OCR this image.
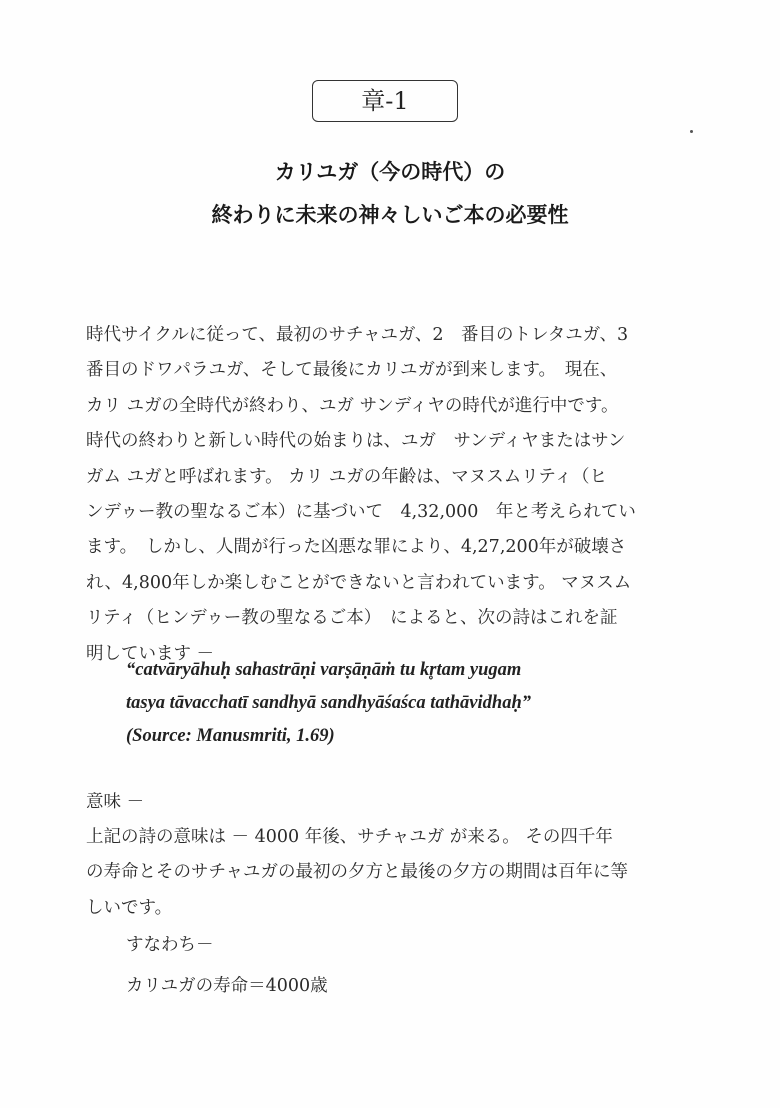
章-1
カリユガ（今の時代）の
終わりに未来の神々しいご本の必要性
時代サイクルに従って、最初のサチャユガ、2　番目のトレタユガ、3
番目のドワパラユガ、そして最後にカリユガが到来します。　現在、
カリ ユガの全時代が終わり、ユガ サンディヤの時代が進行中です。
時代の終わりと新しい時代の始まりは、ユガ　サンディヤまたはサン
ガム ユガと呼ばれます。 カリ ユガの年齢は、マヌスムリティ（ヒ
ンデゥー教の聖なるご本）に基づいて　4,32,000　年と考えられてい
ます。　しかし、人間が行った凶悪な罪により、4,27,200年が破壊さ
れ、4,800年しか楽しむことができないと言われています。 マヌスム
リティ（ヒンデゥー教の聖なるご本）　によると、次の詩はこれを証
明しています －
“catvāryāhuḥ sahastrāṇi varṣāṇāṁ tu kr̥tam yugam
tasya tāvacchatī sandhyā sandhyāśaśca tathāvidhaḥ”
(Source: Manusmriti, 1.69)
意味 －
上記の詩の意味は － 4000 年後、サチャユガ が来る。 その四千年
の寿命とそのサチャユガの最初の夕方と最後の夕方の期間は百年に等
しいです。
すなわち－
カリユガの寿命＝4000歳
